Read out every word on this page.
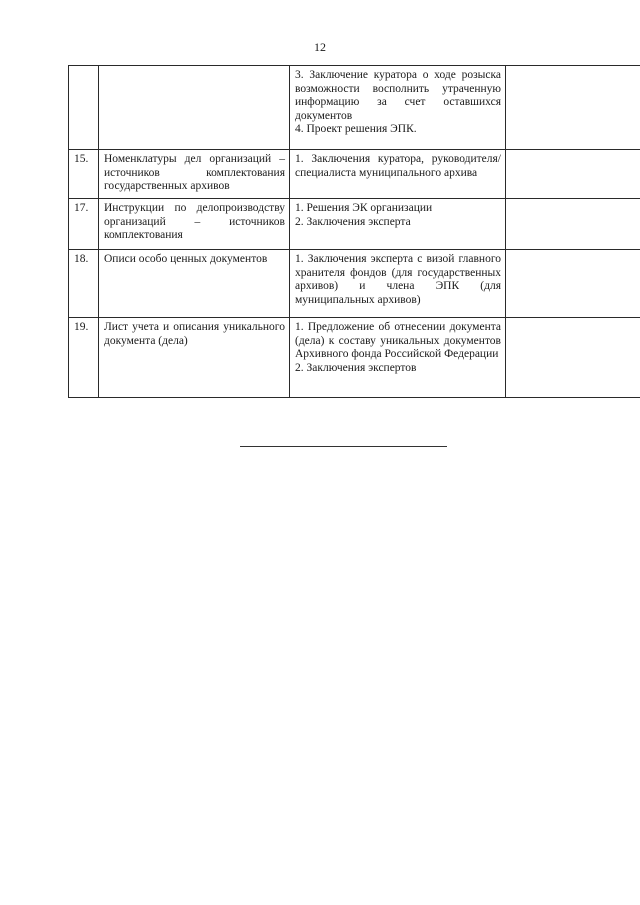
12

		3. Заключение куратора о ходе розыска возможности восполнить утраченную информацию за счет оставшихся документов
4. Проект решения ЭПК.	

15.	Номенклатуры дел организаций – источников комплектования государственных архивов	1. Заключения куратора, руководителя/специалиста муниципального архива	

17.	Инструкции по делопроизводству организаций – источников комплектования	1. Решения ЭК организации
2. Заключения эксперта	

18.	Описи особо ценных документов	1. Заключения эксперта с визой главного хранителя фондов (для государственных архивов) и члена ЭПК (для муниципальных архивов)	

19.	Лист учета и описания уникального документа (дела)	1. Предложение об отнесении документа (дела) к составу уникальных документов Архивного фонда Российской Федерации
2. Заключения экспертов	
